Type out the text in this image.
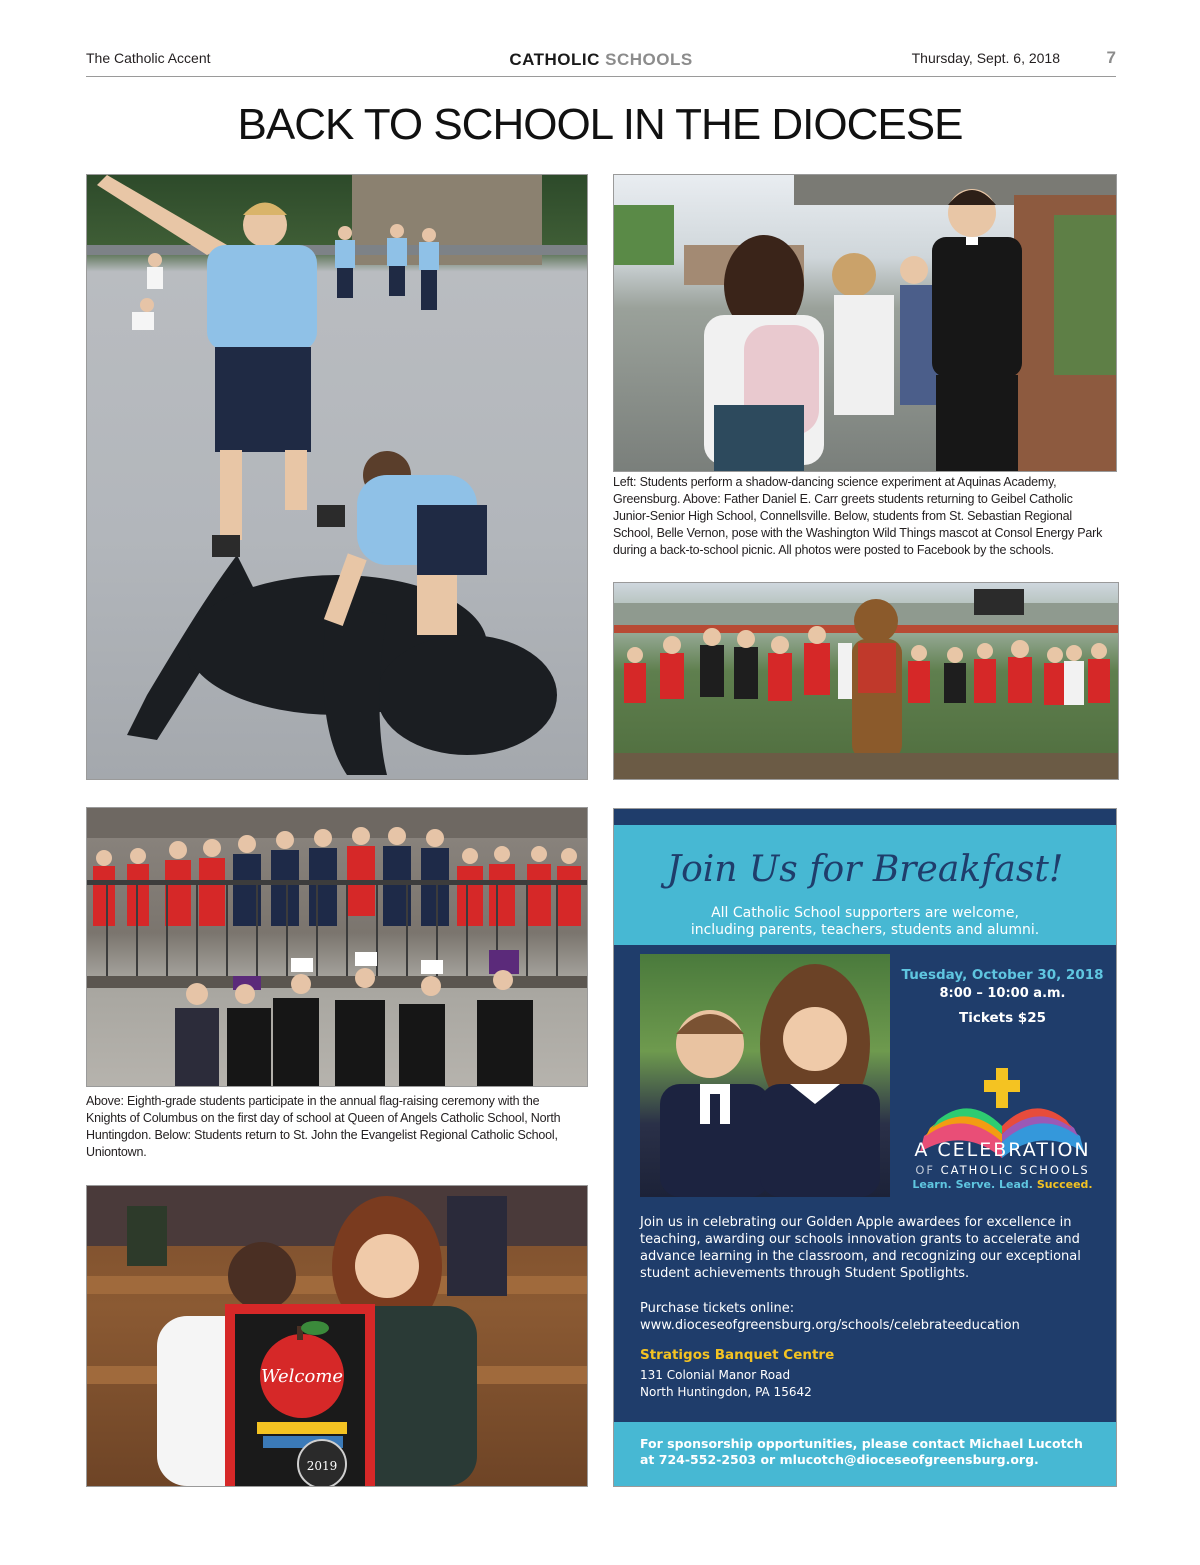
The Catholic Accent	CATHOLIC SCHOOLS	Thursday, Sept. 6, 2018	7
BACK TO SCHOOL IN THE DIOCESE
Left: Students perform a shadow-dancing science experiment at Aquinas Academy, Greensburg. Above: Father Daniel E. Carr greets students returning to Geibel Catholic Junior-Senior High School, Connellsville. Below, students from St. Sebastian Regional School, Belle Vernon, pose with the Washington Wild Things mascot at Consol Energy Park during a back-to-school picnic. All photos were posted to Facebook by the schools.
Above: Eighth-grade students participate in the annual flag-raising ceremony with the Knights of Columbus on the first day of school at Queen of Angels Catholic School, North Huntingdon. Below: Students return to St. John the Evangelist Regional Catholic School, Uniontown.
Welcome
2019
Join Us for Breakfast!
All Catholic School supporters are welcome,
including parents, teachers, students and alumni.
Tuesday, October 30, 2018
8:00 – 10:00 a.m.
Tickets $25
A CELEBRATION
OF CATHOLIC SCHOOLS
Learn. Serve. Lead. Succeed.
Join us in celebrating our Golden Apple awardees for excellence in teaching, awarding our schools innovation grants to accelerate and advance learning in the classroom, and recognizing our exceptional student achievements through Student Spotlights.
Purchase tickets online:
www.dioceseofgreensburg.org/schools/celebrateeducation
Stratigos Banquet Centre
131 Colonial Manor Road
North Huntingdon, PA 15642
For sponsorship opportunities, please contact Michael Lucotch at 724-552-2503 or mlucotch@dioceseofgreensburg.org.
